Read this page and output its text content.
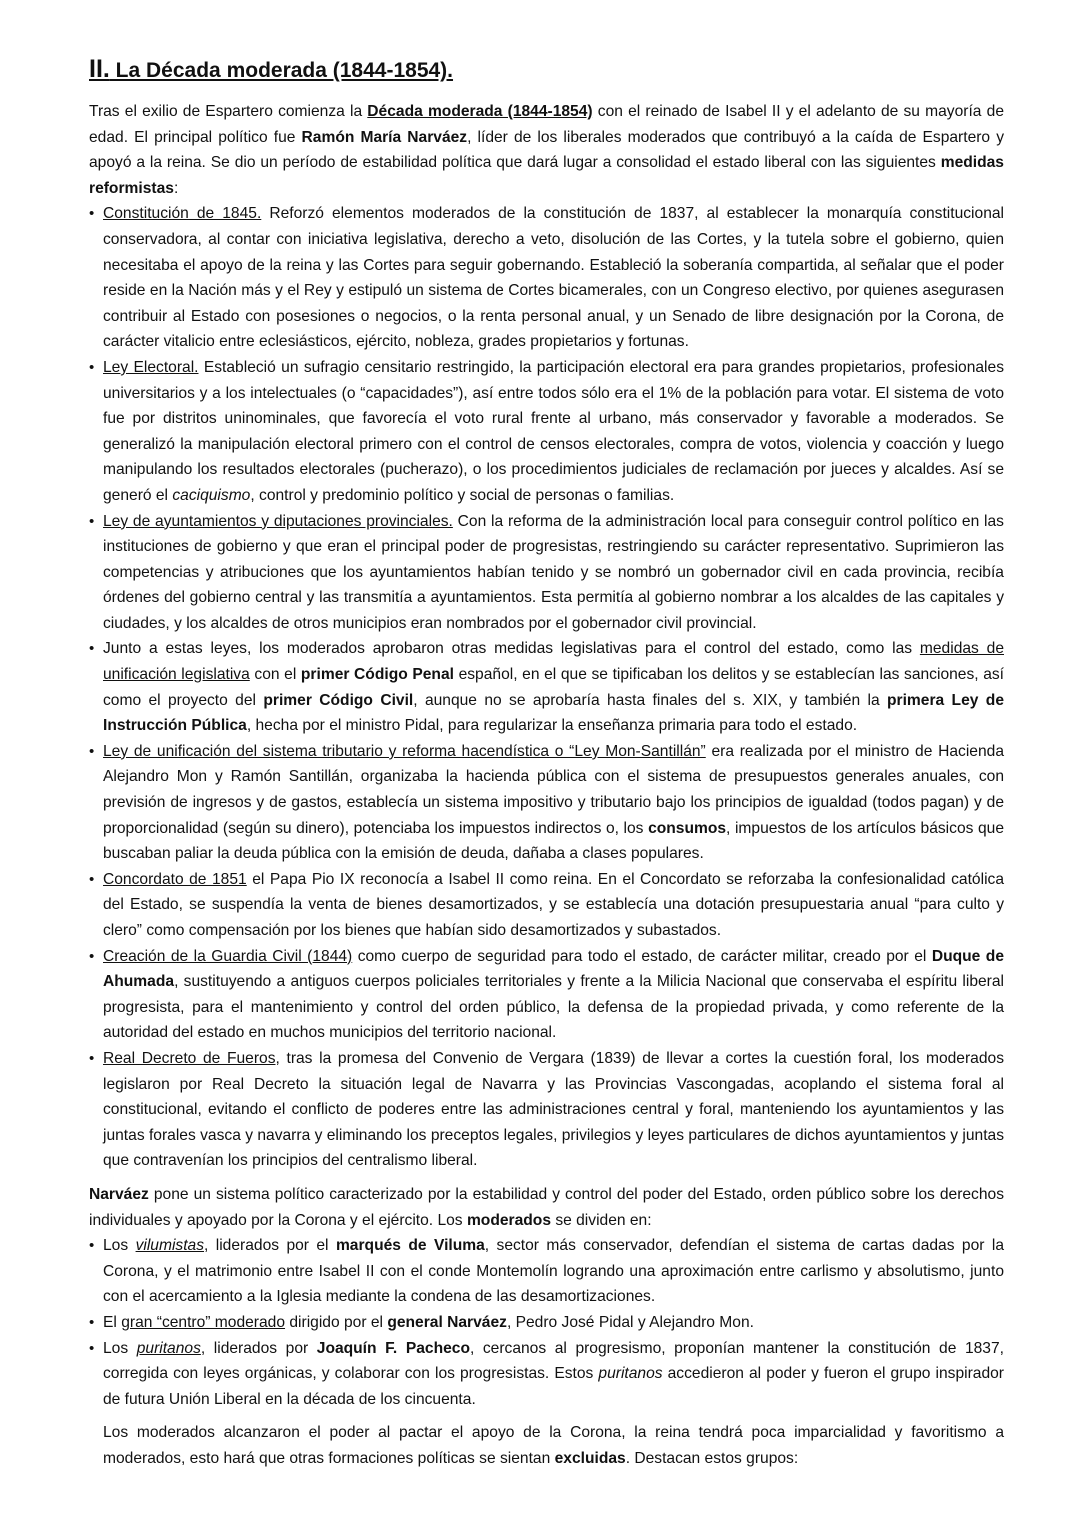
II. La Década moderada (1844-1854).

Tras el exilio de Espartero comienza la Década moderada (1844-1854) con el reinado de Isabel II y el adelanto de su mayoría de edad. El principal político fue Ramón María Narváez, líder de los liberales moderados que contribuyó a la caída de Espartero y apoyó a la reina. Se dio un período de estabilidad política que dará lugar a consolidad el estado liberal con las siguientes medidas reformistas:

• Constitución de 1845. Reforzó elementos moderados de la constitución de 1837, al establecer la monarquía constitucional conservadora, al contar con iniciativa legislativa, derecho a veto, disolución de las Cortes, y la tutela sobre el gobierno, quien necesitaba el apoyo de la reina y las Cortes para seguir gobernando. Estableció la soberanía compartida, al señalar que el poder reside en la Nación más y el Rey y estipuló un sistema de Cortes bicamerales, con un Congreso electivo, por quienes asegurasen contribuir al Estado con posesiones o negocios, o la renta personal anual, y un Senado de libre designación por la Corona, de carácter vitalicio entre eclesiásticos, ejército, nobleza, grades propietarios y fortunas.
• Ley Electoral. Estableció un sufragio censitario restringido, la participación electoral era para grandes propietarios, profesionales universitarios y a los intelectuales (o “capacidades”), así entre todos sólo era el 1% de la población para votar. El sistema de voto fue por distritos uninominales, que favorecía el voto rural frente al urbano, más conservador y favorable a moderados. Se generalizó la manipulación electoral primero con el control de censos electorales, compra de votos, violencia y coacción y luego manipulando los resultados electorales (pucherazo), o los procedimientos judiciales de reclamación por jueces y alcaldes. Así se generó el caciquismo, control y predominio político y social de personas o familias.
• Ley de ayuntamientos y diputaciones provinciales. Con la reforma de la administración local para conseguir control político en las instituciones de gobierno y que eran el principal poder de progresistas, restringiendo su carácter representativo. Suprimieron las competencias y atribuciones que los ayuntamientos habían tenido y se nombró un gobernador civil en cada provincia, recibía órdenes del gobierno central y las transmitía a ayuntamientos. Esta permitía al gobierno nombrar a los alcaldes de las capitales y ciudades, y los alcaldes de otros municipios eran nombrados por el gobernador civil provincial.
• Junto a estas leyes, los moderados aprobaron otras medidas legislativas para el control del estado, como las medidas de unificación legislativa con el primer Código Penal español, en el que se tipificaban los delitos y se establecían las sanciones, así como el proyecto del primer Código Civil, aunque no se aprobaría hasta finales del s. XIX, y también la primera Ley de Instrucción Pública, hecha por el ministro Pidal, para regularizar la enseñanza primaria para todo el estado.
• Ley de unificación del sistema tributario y reforma hacendística o “Ley Mon-Santillán” era realizada por el ministro de Hacienda Alejandro Mon y Ramón Santillán, organizaba la hacienda pública con el sistema de presupuestos generales anuales, con previsión de ingresos y de gastos, establecía un sistema impositivo y tributario bajo los principios de igualdad (todos pagan) y de proporcionalidad (según su dinero), potenciaba los impuestos indirectos o, los consumos, impuestos de los artículos básicos que buscaban paliar la deuda pública con la emisión de deuda, dañaba a clases populares.
• Concordato de 1851 el Papa Pio IX reconocía a Isabel II como reina. En el Concordato se reforzaba la confesionalidad católica del Estado, se suspendía la venta de bienes desamortizados, y se establecía una dotación presupuestaria anual “para culto y clero” como compensación por los bienes que habían sido desamortizados y subastados.
• Creación de la Guardia Civil (1844) como cuerpo de seguridad para todo el estado, de carácter militar, creado por el Duque de Ahumada, sustituyendo a antiguos cuerpos policiales territoriales y frente a la Milicia Nacional que conservaba el espíritu liberal progresista, para el mantenimiento y control del orden público, la defensa de la propiedad privada, y como referente de la autoridad del estado en muchos municipios del territorio nacional.
• Real Decreto de Fueros, tras la promesa del Convenio de Vergara (1839) de llevar a cortes la cuestión foral, los moderados legislaron por Real Decreto la situación legal de Navarra y las Provincias Vascongadas, acoplando el sistema foral al constitucional, evitando el conflicto de poderes entre las administraciones central y foral, manteniendo los ayuntamientos y las juntas forales vasca y navarra y eliminando los preceptos legales, privilegios y leyes particulares de dichos ayuntamientos y juntas que contravenían los principios del centralismo liberal.

Narváez pone un sistema político caracterizado por la estabilidad y control del poder del Estado, orden público sobre los derechos individuales y apoyado por la Corona y el ejército. Los moderados se dividen en:

• Los vilumistas, liderados por el marqués de Viluma, sector más conservador, defendían el sistema de cartas dadas por la Corona, y el matrimonio entre Isabel II con el conde Montemolín logrando una aproximación entre carlismo y absolutismo, junto con el acercamiento a la Iglesia mediante la condena de las desamortizaciones.
• El gran “centro” moderado dirigido por el general Narváez, Pedro José Pidal y Alejandro Mon.
• Los puritanos, liderados por Joaquín F. Pacheco, cercanos al progresismo, proponían mantener la constitución de 1837, corregida con leyes orgánicas, y colaborar con los progresistas. Estos puritanos accedieron al poder y fueron el grupo inspirador de futura Unión Liberal en la década de los cincuenta.

Los moderados alcanzaron el poder al pactar el apoyo de la Corona, la reina tendrá poca imparcialidad y favoritismo a moderados, esto hará que otras formaciones políticas se sientan excluidas. Destacan estos grupos:
